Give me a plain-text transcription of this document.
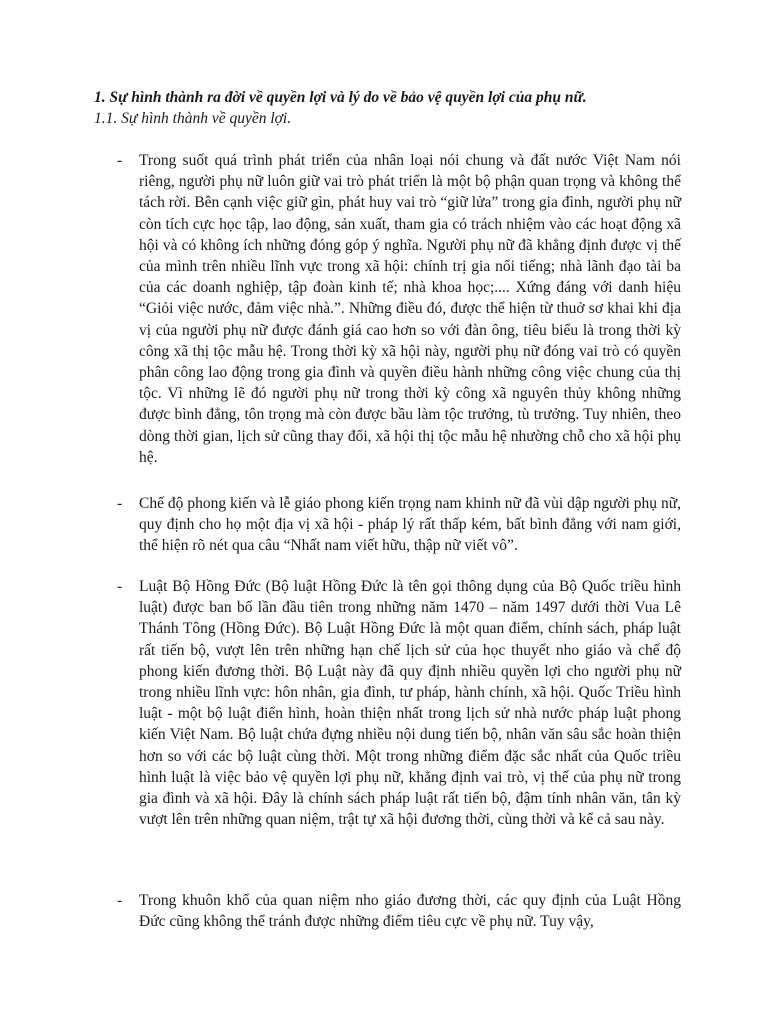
1. Sự hình thành ra đời về quyền lợi và lý do về bảo vệ quyền lợi của phụ nữ.
1.1. Sự hình thành về quyền lợi.
- Trong suốt quá trình phát triển của nhân loại nói chung và đất nước Việt Nam nói riêng, người phụ nữ luôn giữ vai trò phát triển là một bộ phận quan trọng và không thể tách rời. Bên cạnh việc giữ gìn, phát huy vai trò “giữ lửa” trong gia đình, người phụ nữ còn tích cực học tập, lao động, sản xuất, tham gia có trách nhiệm vào các hoạt động xã hội và có không ích những đóng góp ý nghĩa. Người phụ nữ đã khẳng định được vị thế của mình trên nhiều lĩnh vực trong xã hội: chính trị gia nổi tiếng; nhà lãnh đạo tài ba của các doanh nghiệp, tập đoàn kinh tế; nhà khoa học;.... Xứng đáng với danh hiệu “Giỏi việc nước, đảm việc nhà.”. Những điều đó, được thể hiện từ thuở sơ khai khi địa vị của người phụ nữ được đánh giá cao hơn so với đàn ông, tiêu biểu là trong thời kỳ công xã thị tộc mẫu hệ. Trong thời kỳ xã hội này, người phụ nữ đóng vai trò có quyền phân công lao động trong gia đình và quyền điều hành những công việc chung của thị tộc. Vì những lẽ đó người phụ nữ trong thời kỳ công xã nguyên thủy không những được bình đẳng, tôn trọng mà còn được bầu làm tộc trưởng, tù trưởng. Tuy nhiên, theo dòng thời gian, lịch sử cũng thay đổi, xã hội thị tộc mẫu hệ nhường chỗ cho xã hội phụ hệ.

- Chế độ phong kiến và lễ giáo phong kiến trọng nam khinh nữ đã vùi dập người phụ nữ, quy định cho họ một địa vị xã hội - pháp lý rất thấp kém, bất bình đẳng với nam giới, thể hiện rõ nét qua câu “Nhất nam viết hữu, thập nữ viết vô”.

- Luật Bộ Hồng Đức (Bộ luật Hồng Đức là tên gọi thông dụng của Bộ Quốc triều hình luật) được ban bố lần đầu tiên trong những năm 1470 – năm 1497 dưới thời Vua Lê Thánh Tông (Hồng Đức). Bộ Luật Hồng Đức là một quan điểm, chính sách, pháp luật rất tiến bộ, vượt lên trên những hạn chế lịch sử của học thuyết nho giáo và chế độ phong kiến đương thời. Bộ Luật này đã quy định nhiều quyền lợi cho người phụ nữ trong nhiều lĩnh vực: hôn nhân, gia đình, tư pháp, hành chính, xã hội. Quốc Triều hình luật - một bộ luật điển hình, hoàn thiện nhất trong lịch sử nhà nước pháp luật phong kiến Việt Nam. Bộ luật chứa đựng nhiều nội dung tiến bộ, nhân văn sâu sắc hoàn thiện hơn so với các bộ luật cùng thời. Một trong những điểm đặc sắc nhất của Quốc triều hình luật là việc bảo vệ quyền lợi phụ nữ, khẳng định vai trò, vị thế của phụ nữ trong gia đình và xã hội. Đây là chính sách pháp luật rất tiến bộ, đậm tính nhân văn, tân kỳ vượt lên trên những quan niệm, trật tự xã hội đương thời, cùng thời và kể cả sau này.

- Trong khuôn khổ của quan niệm nho giáo đương thời, các quy định của Luật Hồng Đức cũng không thể tránh được những điểm tiêu cực về phụ nữ. Tuy vậy,
